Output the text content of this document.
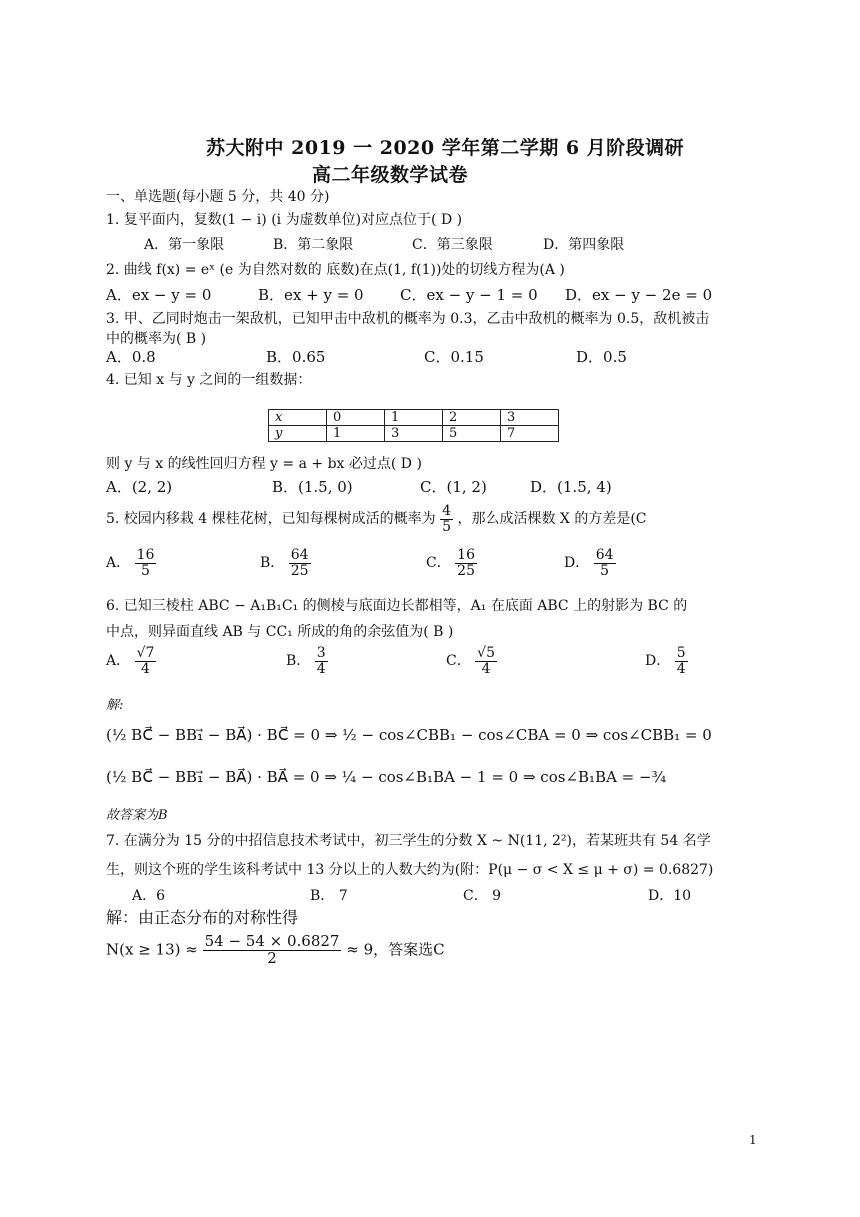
苏大附中 2019 一 2020 学年第二学期 6 月阶段调研
高二年级数学试卷
一、单选题(每小题 5 分，共 40 分)
1. 复平面内，复数(1 − i) (i 为虚数单位)对应点位于( D )
A．第一象限	B．第二象限	C．第三象限	D．第四象限
2. 曲线 f(x) = eˣ (e 为自然对数的 底数)在点(1, f(1))处的切线方程为(A )
A．ex − y = 0	B．ex + y = 0 C．ex − y − 1 = 0 D．ex − y − 2e = 0
3. 甲、乙同时炮击一架敌机，已知甲击中敌机的概率为 0.3，乙击中敌机的概率为 0.5，敌机被击
中的概率为( B )
A．0.8	B．0.65	C．0.15	D．0.5
4. 已知 x 与 y 之间的一组数据：
x	0	1	2	3
y	1	3	5	7
则 y 与 x 的线性回归方程 y = a + bx 必过点( D )
A．(2, 2)	B．(1.5, 0)	C．(1, 2)	D．(1.5, 4)
5. 校园内移栽 4 棵桂花树，已知每棵树成活的概率为 $\frac{4}{5}$ ，那么成活棵数 X 的方差是(C
A． $\frac{16}{5}$	B． $\frac{64}{25}$	C． $\frac{16}{25}$	D． $\frac{64}{5}$
6. 已知三棱柱 ABC − A₁B₁C₁ 的侧棱与底面边长都相等，A₁ 在底面 ABC 上的射影为 BC 的
中点，则异面直线 AB 与 CC₁ 所成的角的余弦值为( B )
A． $\frac{√7}{4}$	B． $\frac{3}{4}$	C． $\frac{√5}{4}$	D． $\frac{5}{4}$
解:
(½ BC⃗ − BB₁⃗ − BA⃗) · BC⃗ = 0 ⇒ ½ − cos∠CBB₁ − cos∠CBA = 0 ⇒ cos∠CBB₁ = 0
(½ BC⃗ − BB₁⃗ − BA⃗) · BA⃗ = 0 ⇒ ¼ − cos∠B₁BA − 1 = 0 ⇒ cos∠B₁BA = −¾
故答案为B
7. 在满分为 15 分的中招信息技术考试中，初三学生的分数 X ~ N(11, 2²)，若某班共有 54 名学
生，则这个班的学生该科考试中 13 分以上的人数大约为(附：P(μ − σ < X ≤ μ + σ) = 0.6827)
A．6	B． 7	C． 9	D．10
解：由正态分布的对称性得
$N(x \ge 13) \approx \frac{54 - 54 \times 0.6827}{2} \approx 9$，答案选C
1
